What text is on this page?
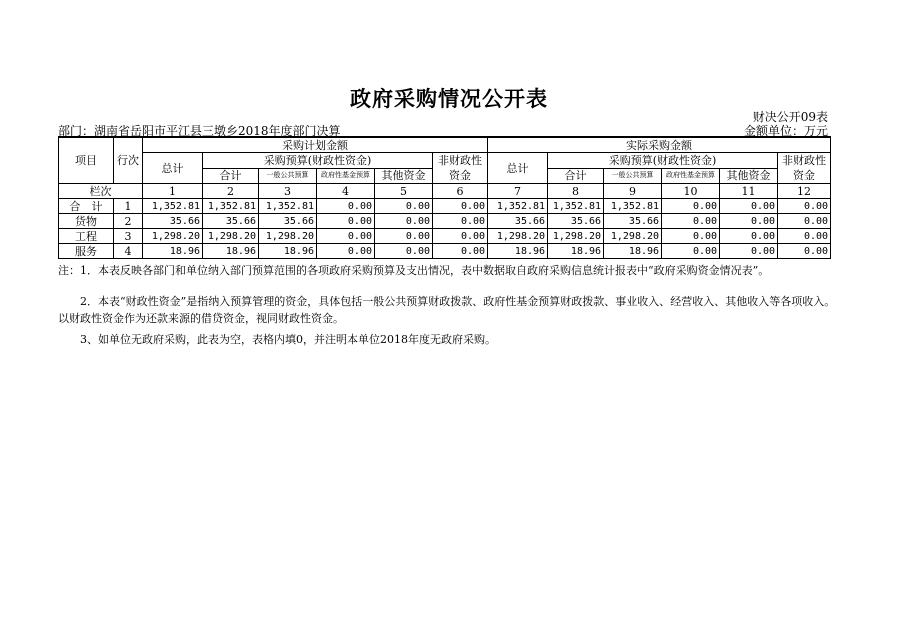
政府采购情况公开表
财决公开09表
部门：湖南省岳阳市平江县三墩乡2018年度部门决算	金额单位：万元
项目	行次	采购计划金额						实际采购金额					
		总计	采购预算(财政性资金)				非财政性资金	总计	采购预算(财政性资金)				非财政性资金
			合计	一般公共预算	政府性基金预算	其他资金			合计	一般公共预算	政府性基金预算	其他资金	
栏次		1	2	3	4	5	6	7	8	9	10	11	12
合　计	1	1,352.81	1,352.81	1,352.81	0.00	0.00	0.00	1,352.81	1,352.81	1,352.81	0.00	0.00	0.00
货物	2	35.66	35.66	35.66	0.00	0.00	0.00	35.66	35.66	35.66	0.00	0.00	0.00
工程	3	1,298.20	1,298.20	1,298.20	0.00	0.00	0.00	1,298.20	1,298.20	1,298.20	0.00	0.00	0.00
服务	4	18.96	18.96	18.96	0.00	0.00	0.00	18.96	18.96	18.96	0.00	0.00	0.00
注：1．本表反映各部门和单位纳入部门预算范围的各项政府采购预算及支出情况，表中数据取自政府采购信息统计报表中“政府采购资金情况表”。
　　2．本表“财政性资金”是指纳入预算管理的资金，具体包括一般公共预算财政拨款、政府性基金预算财政拨款、事业收入、经营收入、其他收入等各项收入。以财政性资金作为还款来源的借贷资金，视同财政性资金。
　　3、如单位无政府采购，此表为空，表格内填0，并注明本单位2018年度无政府采购。
